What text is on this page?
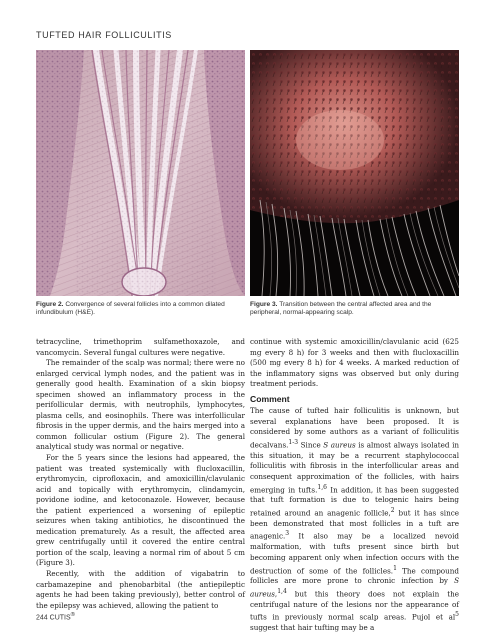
TUFTED HAIR FOLLICULITIS
Figure 2. Convergence of several follicles into a common dilated infundibulum (H&E).
Figure 3. Transition between the central affected area and the peripheral, normal-appearing scalp.

tetracycline, trimethoprim sulfamethoxazole, and vancomycin. Several fungal cultures were negative.

The remainder of the scalp was normal; there were no enlarged cervical lymph nodes, and the patient was in generally good health. Examination of a skin biopsy specimen showed an inflammatory process in the perifollicular dermis, with neutrophils, lymphocytes, plasma cells, and eosinophils. There was interfollicular fibrosis in the upper dermis, and the hairs merged into a common follicular ostium (Figure 2). The general analytical study was normal or negative.

For the 5 years since the lesions had appeared, the patient was treated systemically with flucloxacillin, erythromycin, ciprofloxacin, and amoxicillin/clavulanic acid and topically with erythromycin, clindamycin, povidone iodine, and ketoconazole. However, because the patient experienced a worsening of epileptic seizures when taking antibiotics, he discontinued the medication prematurely. As a result, the affected area grew centrifugally until it covered the entire central portion of the scalp, leaving a normal rim of about 5 cm (Figure 3).

Recently, with the addition of vigabatrin to carbamazepine and phenobarbital (the antiepileptic agents he had been taking previously), better control of the epilepsy was achieved, allowing the patient to

continue with systemic amoxicillin/clavulanic acid (625 mg every 8 h) for 3 weeks and then with flucloxacillin (500 mg every 8 h) for 4 weeks. A marked reduction of the inflammatory signs was observed but only during treatment periods.

Comment

The cause of tufted hair folliculitis is unknown, but several explanations have been proposed. It is considered by some authors as a variant of folliculitis decalvans.$^{1-3}$ Since S aureus is almost always isolated in this situation, it may be a recurrent staphylococcal folliculitis with fibrosis in the interfollicular areas and consequent approximation of the follicles, with hairs emerging in tufts.$^{1,6}$ In addition, it has been suggested that tuft formation is due to telogenic hairs being retained around an anagenic follicle,$^2$ but it has since been demonstrated that most follicles in a tuft are anagenic.$^3$ It also may be a localized nevoid malformation, with tufts present since birth but becoming apparent only when infection occurs with the destruction of some of the follicles.$^1$ The compound follicles are more prone to chronic infection by S aureus,$^{1,4}$ but this theory does not explain the centrifugal nature of the lesions nor the appearance of tufts in previously normal scalp areas. Pujol et $al^5$ suggest that hair tufting may be a

244 CUTIS®
